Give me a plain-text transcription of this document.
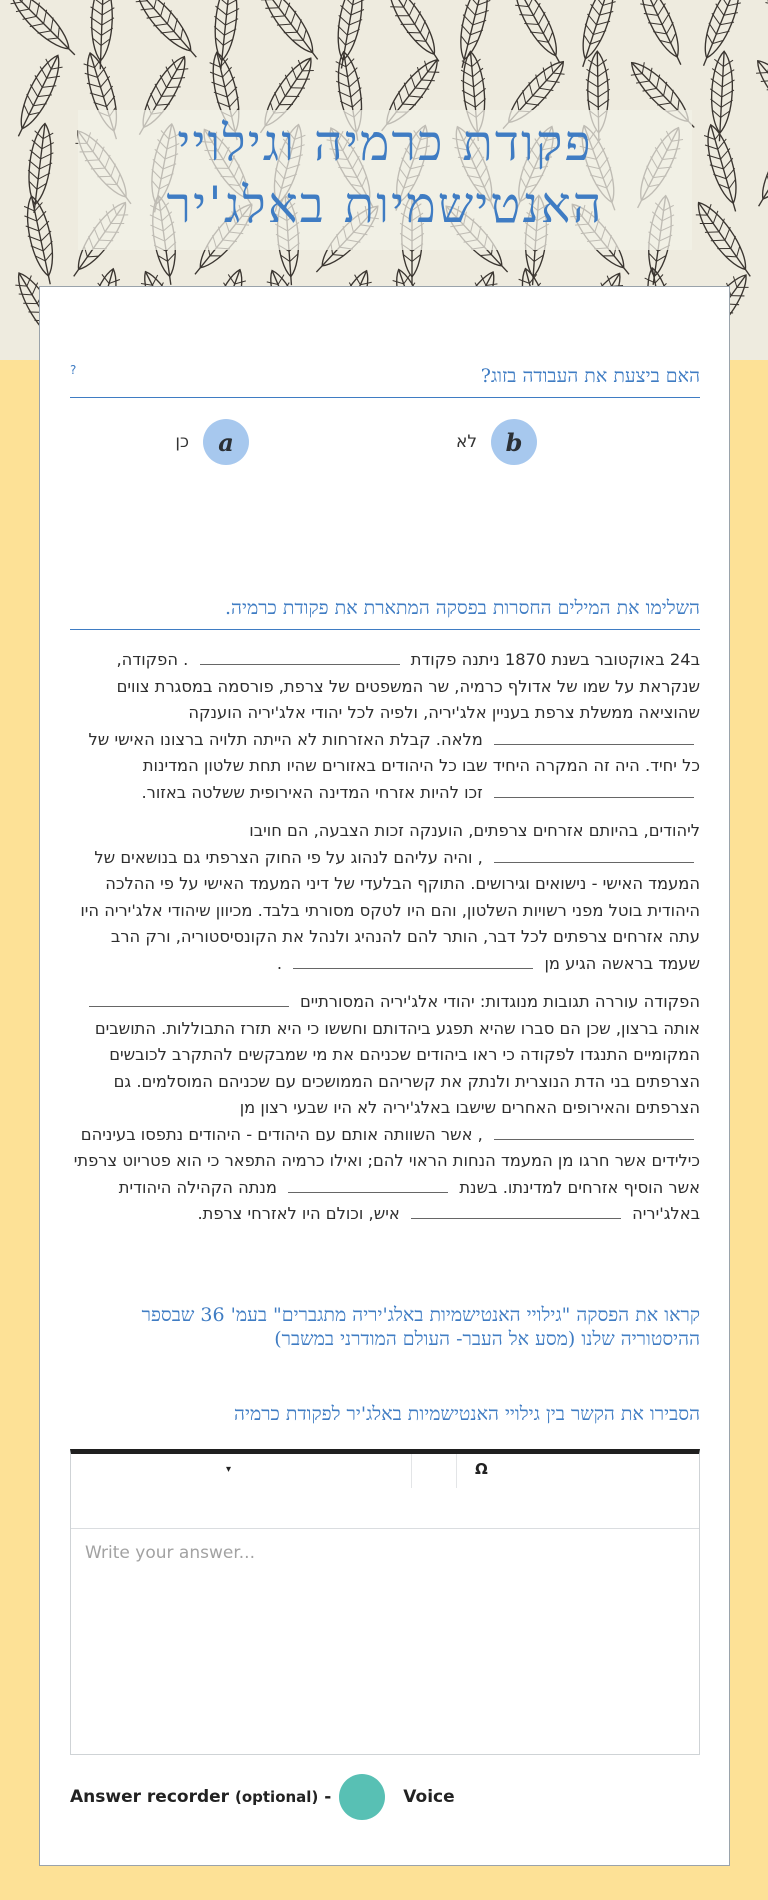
פקודת כרמיה וגילויי
האנטישמיות באלג'יר
האם ביצעת את העבודה בזוג?
?
a
כן	לא	b
השלימו את המילים החסרות בפסקה המתארת את פקודת כרמיה.

ב24 באוקטובר בשנת 1870 ניתנה פקודת  . הפקודה, שנקראת על שמו של אדולף כרמיה, שר המשפטים של צרפת, פורסמה במסגרת צווים שהוציאה ממשלת צרפת בעניין אלג'יריה, ולפיה לכל יהודי אלג'יריה הוענקה  מלאה. קבלת האזרחות לא הייתה תלויה ברצונו האישי של כל יחיד. היה זה המקרה היחיד שבו כל היהודים באזורים שהיו תחת שלטון המדינות  זכו להיות אזרחי המדינה האירופית ששלטה באזור.

ליהודים, בהיותם אזרחים צרפתים, הוענקה זכות הצבעה, הם חויבו  , והיה עליהם לנהוג על פי החוק הצרפתי גם בנושאים של המעמד האישי - נישואים וגירושים. התוקף הבלעדי של דיני המעמד האישי על פי ההלכה היהודית בוטל מפני רשויות השלטון, והם היו לטקס מסורתי בלבד. מכיוון שיהודי אלג'יריה היו עתה אזרחים צרפתים לכל דבר, הותר להם להנהיג ולנהל את הקונסיסטוריה, ורק הרב שעמד בראשה הגיע מן  .

הפקודה עוררה תגובות מנוגדות: יהודי אלג'יריה המסורתיים  אותה ברצון, שכן הם סברו שהיא תפגע ביהדותם וחששו כי היא תזרז התבוללות. התושבים המקומיים התנגדו לפקודה כי ראו ביהודים שכניהם את מי שמבקשים להתקרב לכובשים הצרפתים בני הדת הנוצרית ולנתק את קשריהם הממושכים עם שכניהם המוסלמים. גם הצרפתים והאירופים האחרים שישבו באלג'יריה לא היו שבעי רצון מן  , אשר השוותה אותם עם היהודים - היהודים נתפסו בעיניהם כילידים אשר חרגו מן המעמד הנחות הראוי להם; ואילו כרמיה התפאר כי הוא פטריוט צרפתי אשר הוסיף אזרחים למדינתו. בשנת  מנתה הקהילה היהודית באלג'יריה  איש, וכולם היו לאזרחי צרפת.

קראו את הפסקה "גילויי האנטישמיות באלג'יריה מתגברים" בעמ' 36 שבספר ההיסטוריה שלנו (מסע אל העבר- העולם המודרני במשבר)
הסבירו את הקשר בין גילויי האנטישמיות באלג'יר לפקודת כרמיה
▾	Ω
Write your answer...
Answer recorder
(optional)
-	Voice
